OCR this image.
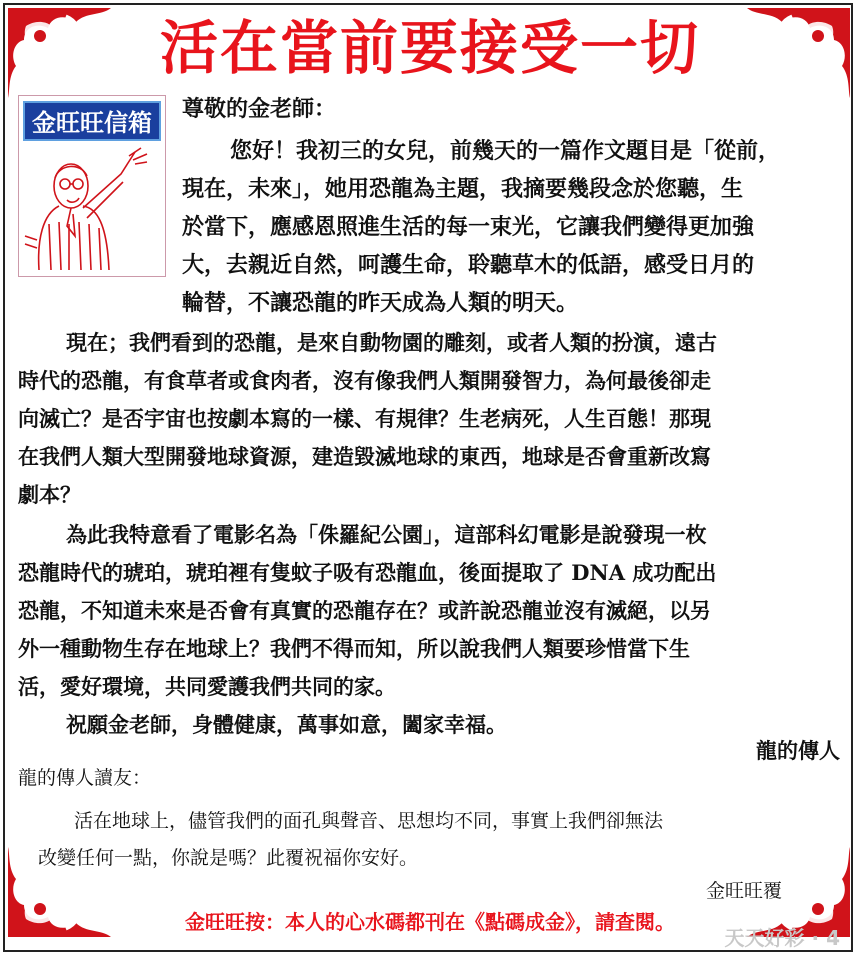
活在當前要接受一切
金旺旺信箱	尊敬的金老師：

您好！我初三的女兒，前幾天的一篇作文題目是「從前，

現在，未來」，她用恐龍為主題，我摘要幾段念於您聽，生

於當下，應感恩照進生活的每一束光，它讓我們變得更加強

大，去親近自然，呵護生命，聆聽草木的低語，感受日月的

輪替，不讓恐龍的昨天成為人類的明天。

現在；我們看到的恐龍，是來自動物園的雕刻，或者人類的扮演，遠古

時代的恐龍，有食草者或食肉者，沒有像我們人類開發智力，為何最後卻走

向滅亡？是否宇宙也按劇本寫的一樣、有規律？生老病死，人生百態！那現

在我們人類大型開發地球資源，建造毀滅地球的東西，地球是否會重新改寫

劇本？

為此我特意看了電影名為「侏羅紀公園」，這部科幻電影是說發現一枚

恐龍時代的琥珀，琥珀裡有隻蚊子吸有恐龍血，後面提取了 DNA 成功配出

恐龍，不知道未來是否會有真實的恐龍存在？或許說恐龍並沒有滅絕，以另

外一種動物生存在地球上？我們不得而知，所以說我們人類要珍惜當下生

活，愛好環境，共同愛護我們共同的家。

祝願金老師，身體健康，萬事如意，闔家幸福。

龍的傳人

龍的傳人讀友：

活在地球上，儘管我們的面孔與聲音、思想均不同，事實上我們卻無法

改變任何一點，你說是嗎？此覆祝福你安好。

金旺旺覆
金旺旺按：本人的心水碼都刊在《點碼成金》，請查閱。
天天好彩 · 4
